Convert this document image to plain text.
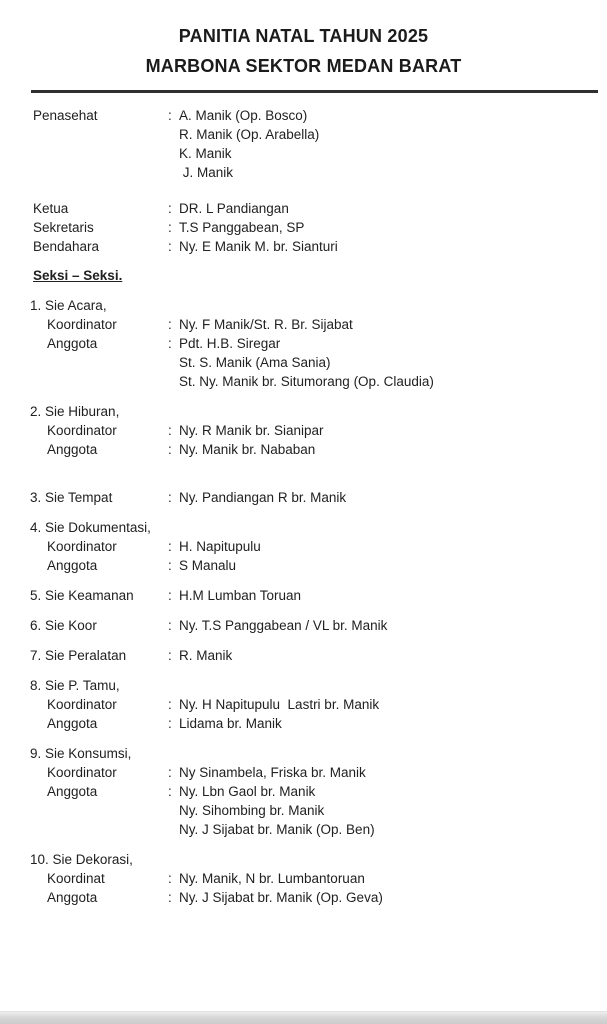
PANITIA NATAL TAHUN 2025
MARBONA SEKTOR MEDAN BARAT
Penasehat	: A. Manik (Op. Bosco)
R. Manik (Op. Arabella)
K. Manik
J. Manik
Ketua	: DR. L Pandiangan
Sekretaris	: T.S Panggabean, SP
Bendahara	: Ny. E Manik M. br. Sianturi
Seksi – Seksi.
1. Sie Acara,
Koordinator	: Ny. F Manik/St. R. Br. Sijabat
Anggota	: Pdt. H.B. Siregar
St. S. Manik (Ama Sania)
St. Ny. Manik br. Situmorang (Op. Claudia)
2. Sie Hiburan,
Koordinator	: Ny. R Manik br. Sianipar
Anggota	: Ny. Manik br. Nababan
3. Sie Tempat	: Ny. Pandiangan R br. Manik
4. Sie Dokumentasi,
Koordinator	: H. Napitupulu
Anggota	: S Manalu
5. Sie Keamanan	: H.M Lumban Toruan
6. Sie Koor	: Ny. T.S Panggabean / VL br. Manik
7. Sie Peralatan	: R. Manik
8. Sie P. Tamu,
Koordinator	: Ny. H Napitupulu  Lastri br. Manik
Anggota	: Lidama br. Manik
9. Sie Konsumsi,
Koordinator	: Ny Sinambela, Friska br. Manik
Anggota	: Ny. Lbn Gaol br. Manik
Ny. Sihombing br. Manik
Ny. J Sijabat br. Manik (Op. Ben)
10. Sie Dekorasi,
Koordinat	: Ny. Manik, N br. Lumbantoruan
Anggota	: Ny. J Sijabat br. Manik (Op. Geva)
